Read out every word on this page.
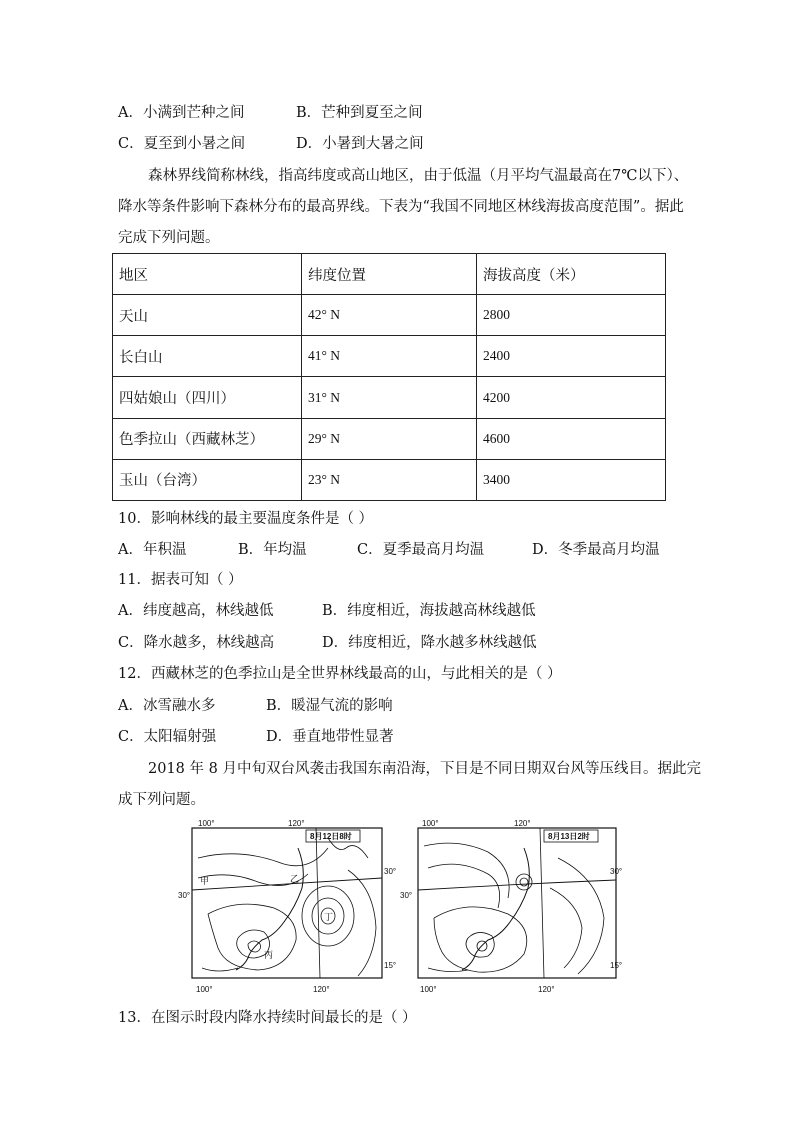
A．小满到芒种之间	B．芒种到夏至之间
C．夏至到小暑之间	D．小暑到大暑之间
森林界线简称林线，指高纬度或高山地区，由于低温（月平均气温最高在7℃以下）、
降水等条件影响下森林分布的最高界线。下表为“我国不同地区林线海拔高度范围”。据此
完成下列问题。
地区	纬度位置	海拔高度（米）
天山	42° N	2800
长白山	41° N	2400
四姑娘山（四川）	31° N	4200
色季拉山（西藏林芝）	29° N	4600
玉山（台湾）	23° N	3400
10．影响林线的最主要温度条件是（ ）
A．年积温	B．年均温	C．夏季最高月均温	D．冬季最高月均温
11．据表可知（ ）
A．纬度越高，林线越低	B．纬度相近，海拔越高林线越低
C．降水越多，林线越高	D．纬度相近，降水越多林线越低
12．西藏林芝的色季拉山是全世界林线最高的山，与此相关的是（ ）
A．冰雪融水多	B．暖湿气流的影响
C．太阳辐射强	D．垂直地带性显著
2018 年 8 月中旬双台风袭击我国东南沿海，下目是不同日期双台风等压线目。据此完
成下列问题。
100°	120°
100°	120°
30°
30°
15°
8月12日8时
甲	乙
丙
丁
100°	120°
100°	120°
30°
30°
15°
8月13日2时
13．在图示时段内降水持续时间最长的是（ ）
